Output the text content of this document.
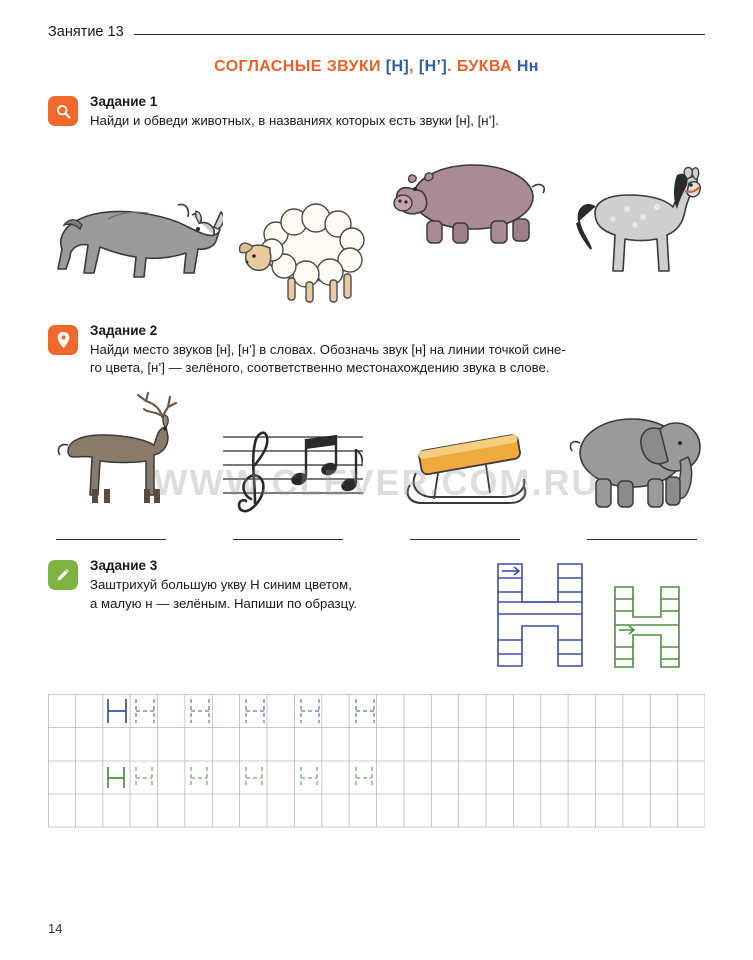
Занятие 13
СОГЛАСНЫЕ ЗВУКИ [Н], [Н’]. БУКВА Нн
Задание 1
Найди и обведи животных, в названиях которых есть звуки [н], [н’].
Задание 2
Найди место звуков [н], [н’] в словах. Обозначь звук [н] на линии точкой сине-
го цвета, [н’] — зелёного, соответственно местонахождению звука в слове.
Задание 3
Заштрихуй большую укву Н синим цветом,
а малую н — зелёным. Напиши по образцу.
WWW.CLEVER.COM.RU
14
